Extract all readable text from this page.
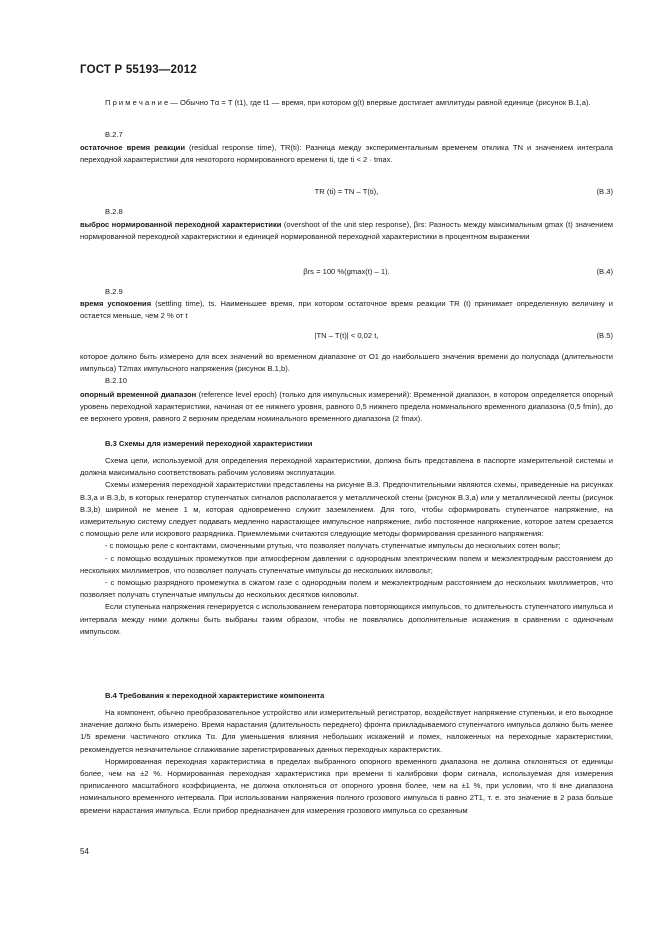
ГОСТ Р 55193—2012
П р и м е ч а н и е — Обычно Tα = T (t1), где t1 — время, при котором g(t) впервые достигает амплитуды равной единице (рисунок В.1,а).
В.2.7
остаточное время реакции (residual response time), TR(ti): Разница между экспериментальным временем отклика TN и значением интеграла переходной характеристики для некоторого нормированного времени ti, где ti < 2 · tmax.
TR (ti) = TN – T(ti),	(В.3)
В.2.8
выброс нормированной переходной характеристики (overshoot of the unit step response), βrs: Разность между максимальным gmax (t) значением нормированной переходной характеристики и единицей нормированной переходной характеристики в процентном выражении
βrs = 100 %(gmax(t) – 1).	(В.4)
В.2.9
время успокоения (settling time), ts. Наименьшее время, при котором остаточное время реакции TR (t) принимает определенную величину и остается меньше, чем 2 % от t
|TN – T(t)| < 0,02 t,	(В.5)
которое должно быть измерено для всех значений во временном диапазоне от O1 до наибольшего значения времени до полуспада (длительности импульса) T2max импульсного напряжения (рисунок В.1,b).
В.2.10
опорный временной диапазон (reference level epoch) (только для импульсных измерений): Временной диапазон, в котором определяется опорный уровень переходной характеристики, начиная от ее нижнего уровня, равного 0,5 нижнего предела номинального временного диапазона (0,5 fmin), до ее верхнего уровня, равного 2 верхним пределам номинального временного диапазона (2 fmax).
В.3 Схемы для измерений переходной характеристики

Схема цепи, используемой для определения переходной характеристики, должна быть представлена в паспорте измерительной системы и должна максимально соответствовать рабочим условиям эксплуатации.

Схемы измерения переходной характеристики представлены на рисунке В.3. Предпочтительными являются схемы, приведенные на рисунках В.3,а и В.3,b, в которых генератор ступенчатых сигналов располагается у металлической стены (рисунок В.3,а) или у металлической ленты (рисунок В.3,b) шириной не менее 1 м, которая одновременно служит заземлением. Для того, чтобы сформировать ступенчатое напряжение, на измерительную систему следует подавать медленно нарастающее импульсное напряжение, либо постоянное напряжение, которое затем срезается с помощью реле или искрового разрядника. Приемлемыми считаются следующие методы формирования срезанного напряжения:

- с помощью реле с контактами, смоченными ртутью, что позволяет получать ступенчатые импульсы до нескольких сотен вольт;

- с помощью воздушных промежутков при атмосферном давлении с однородным электрическим полем и межэлектродным расстоянием до нескольких миллиметров, что позволяет получать ступенчатые импульсы до нескольких киловольт;

- с помощью разрядного промежутка в сжатом газе с однородным полем и межэлектродным расстоянием до нескольких миллиметров, что позволяет получать ступенчатые импульсы до нескольких десятков киловольт.

Если ступенька напряжения генерируется с использованием генератора повторяющихся импульсов, то длительность ступенчатого импульса и интервала между ними должны быть выбраны таким образом, чтобы не появлялись дополнительные искажения в сравнении с одиночным импульсом.

В.4 Требования к переходной характеристике компонента

На компонент, обычно преобразовательное устройство или измерительный регистратор, воздействует напряжение ступеньки, и его выходное значение должно быть измерено. Время нарастания (длительность переднего) фронта прикладываемого ступенчатого импульса должно быть менее 1/5 времени частичного отклика Tα. Для уменьшения влияния небольших искажений и помех, наложенных на переходные характеристики, рекомендуется незначительное сглаживание зарегистрированных данных переходных характеристик.

Нормированная переходная характеристика в пределах выбранного опорного временного диапазона не должна отклоняться от единицы более, чем на ±2 %. Нормированная переходная характеристика при времени ti калибровки форм сигнала, используемая для измерения приписанного масштабного коэффициента, не должна отклоняться от опорного уровня более, чем на ±1 %, при условии, что ti вне диапазона номинального временного интервала. При использовании напряжения полного грозового импульса ti равно 2T1, т. е. это значение в 2 раза больше времени нарастания импульса. Если прибор предназначен для измерения грозового импульса со срезанным

54
